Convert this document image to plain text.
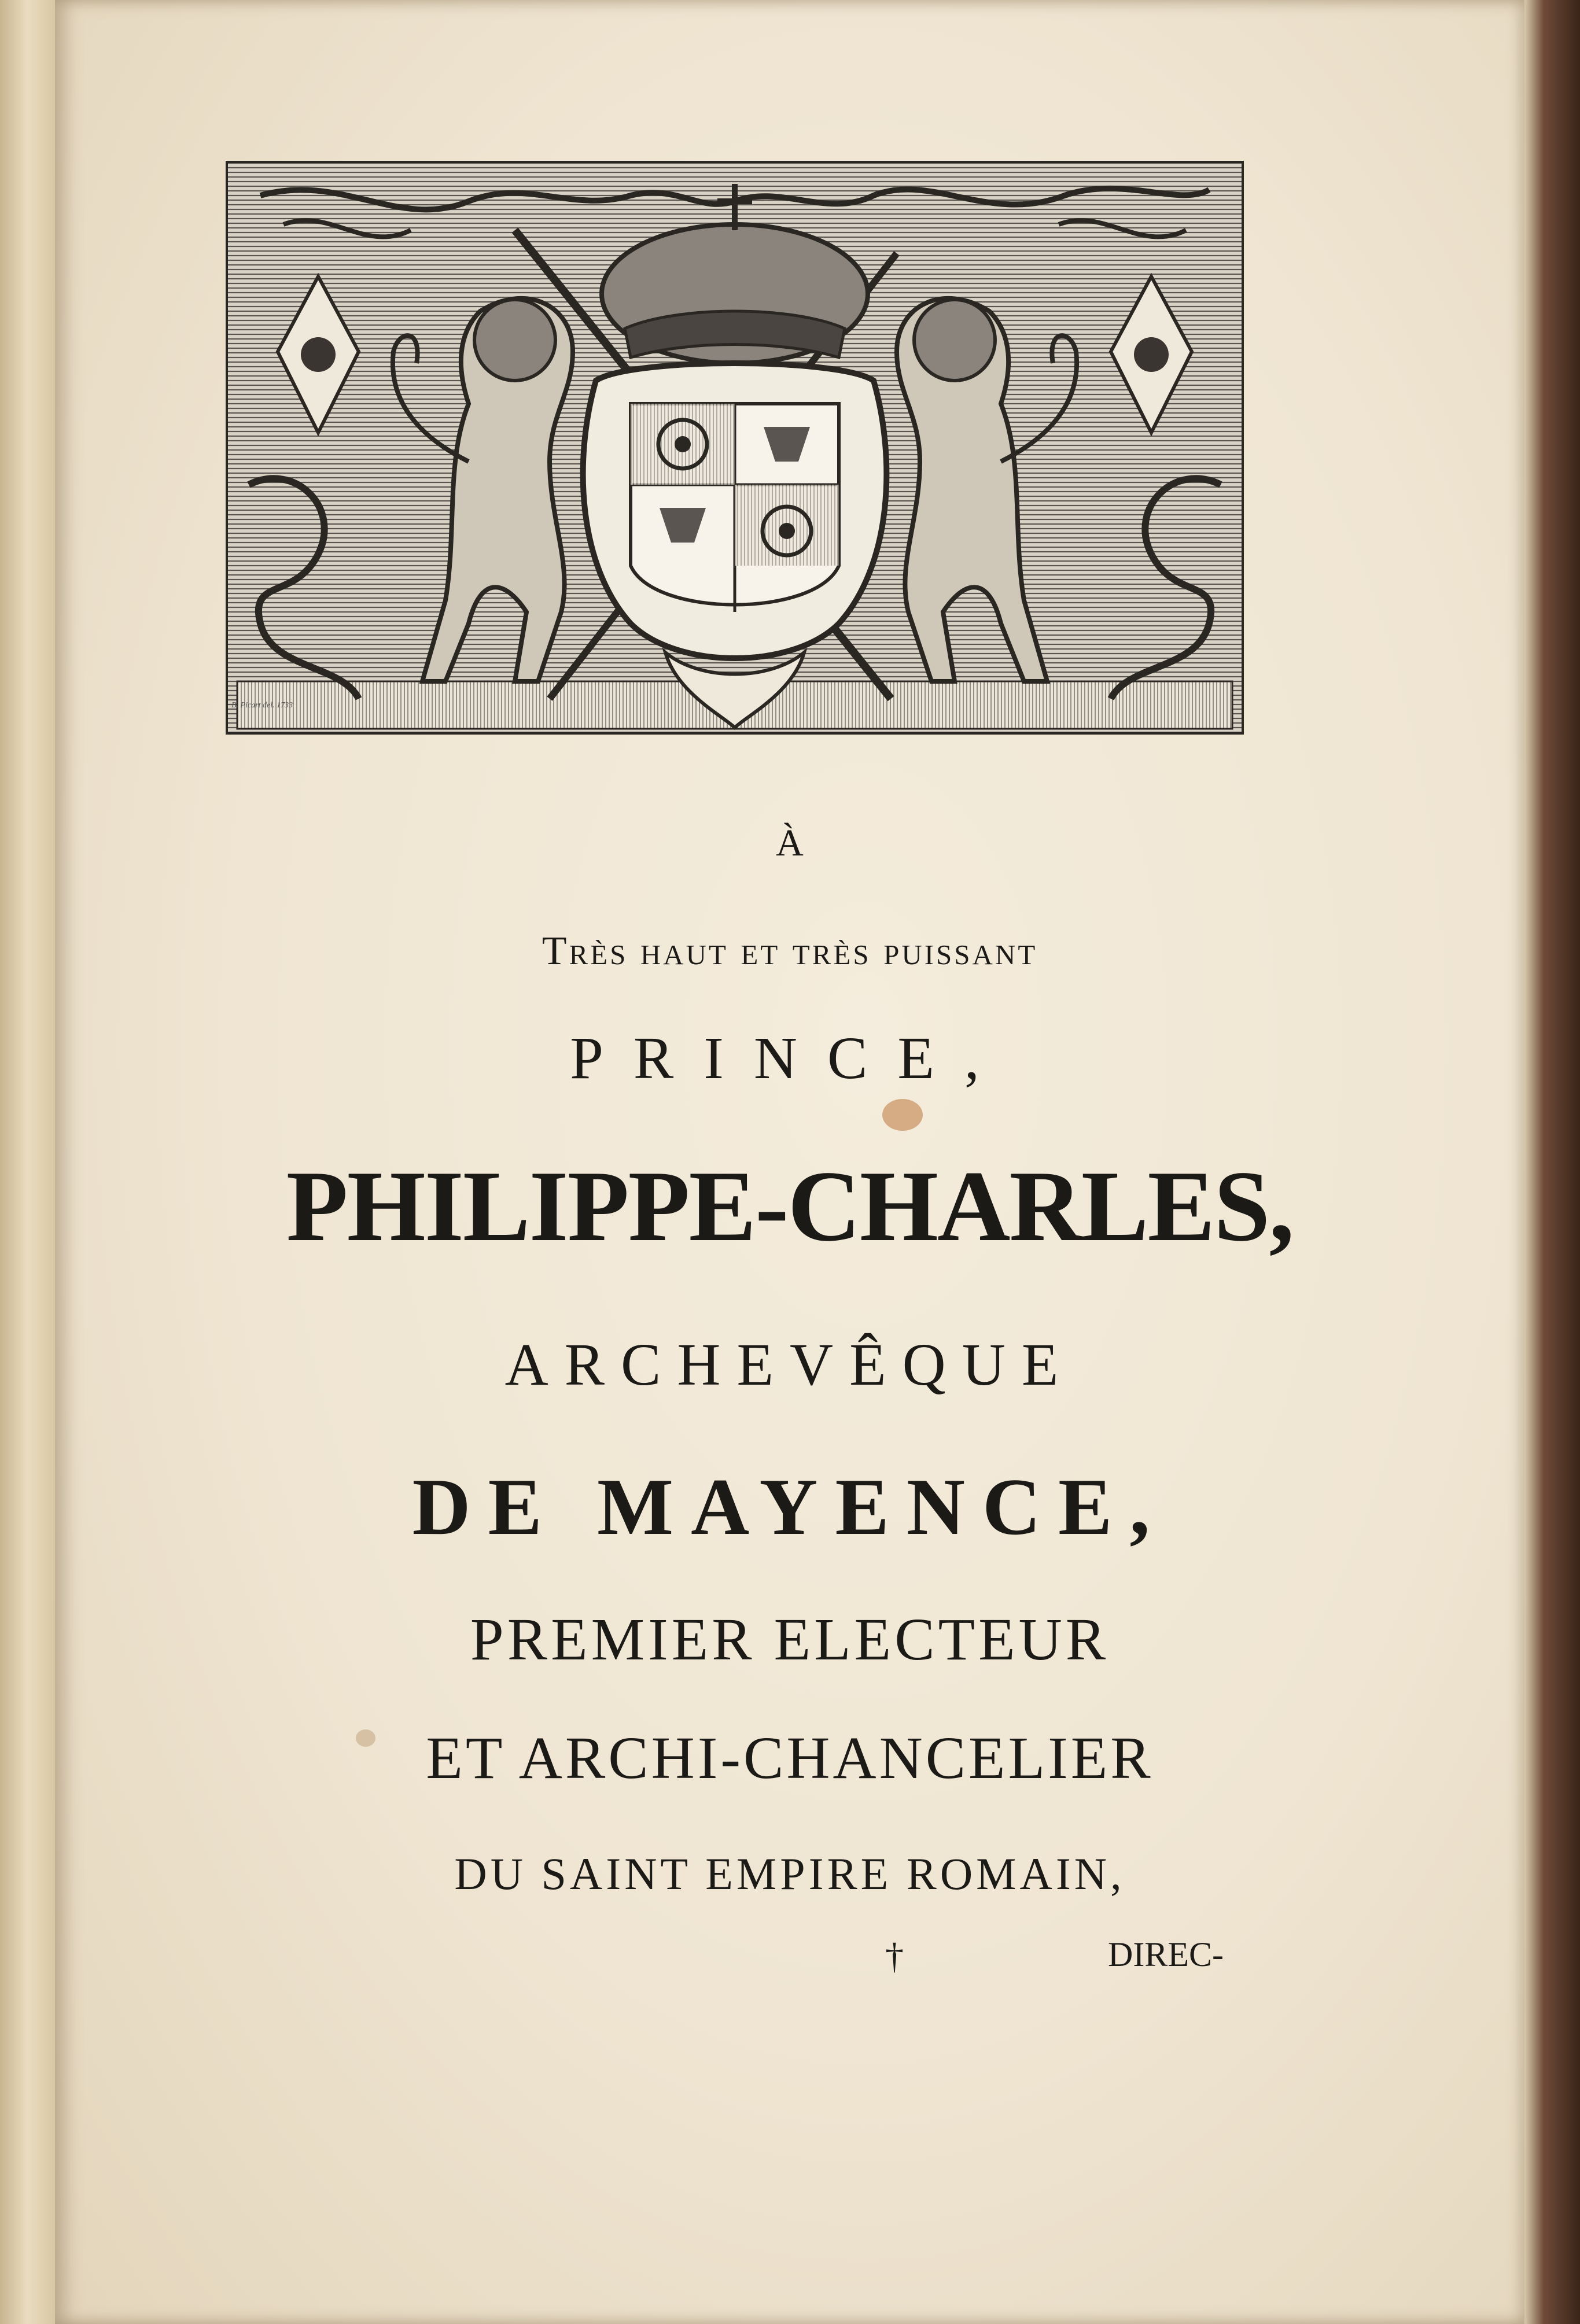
B. Picart del. 1733
À
Très haut et très puissant
PRINCE,
PHILIPPE-CHARLES,
ARCHEVÊQUE
DE MAYENCE,
PREMIER ELECTEUR
ET ARCHI-CHANCELIER
DU SAINT EMPIRE ROMAIN,
†	DIREC-
